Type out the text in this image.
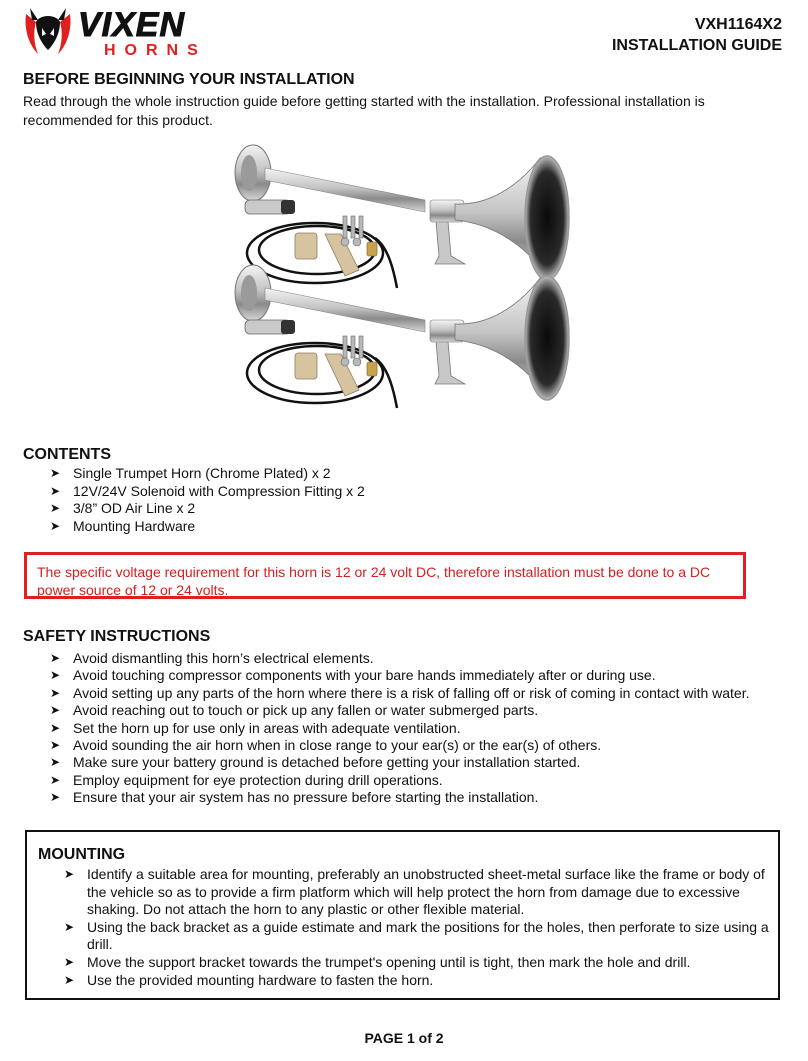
VIXEN
HORNS
VXH1164X2
INSTALLATION GUIDE
BEFORE BEGINNING YOUR INSTALLATION

Read through the whole instruction guide before getting started with the installation. Professional installation is recommended for this product.

CONTENTS
➤ Single Trumpet Horn (Chrome Plated) x 2
➤ 12V/24V Solenoid with Compression Fitting x 2
➤ 3/8” OD Air Line x 2
➤ Mounting Hardware

The specific voltage requirement for this horn is 12 or 24 volt DC, therefore installation must be done to a DC power source of 12 or 24 volts.

SAFETY INSTRUCTIONS
➤ Avoid dismantling this horn’s electrical elements.
➤ Avoid touching compressor components with your bare hands immediately after or during use.
➤ Avoid setting up any parts of the horn where there is a risk of falling off or risk of coming in contact with water.
➤ Avoid reaching out to touch or pick up any fallen or water submerged parts.
➤ Set the horn up for use only in areas with adequate ventilation.
➤ Avoid sounding the air horn when in close range to your ear(s) or the ear(s) of others.
➤ Make sure your battery ground is detached before getting your installation started.
➤ Employ equipment for eye protection during drill operations.
➤ Ensure that your air system has no pressure before starting the installation.
MOUNTING
➤ Identify a suitable area for mounting, preferably an unobstructed sheet-metal surface like the frame or body of the vehicle so as to provide a firm platform which will help protect the horn from damage due to excessive shaking. Do not attach the horn to any plastic or other flexible material.
➤ Using the back bracket as a guide estimate and mark the positions for the holes, then perforate to size using a drill.
➤ Move the support bracket towards the trumpet's opening until is tight, then mark the hole and drill.
➤ Use the provided mounting hardware to fasten the horn.
PAGE 1 of 2
